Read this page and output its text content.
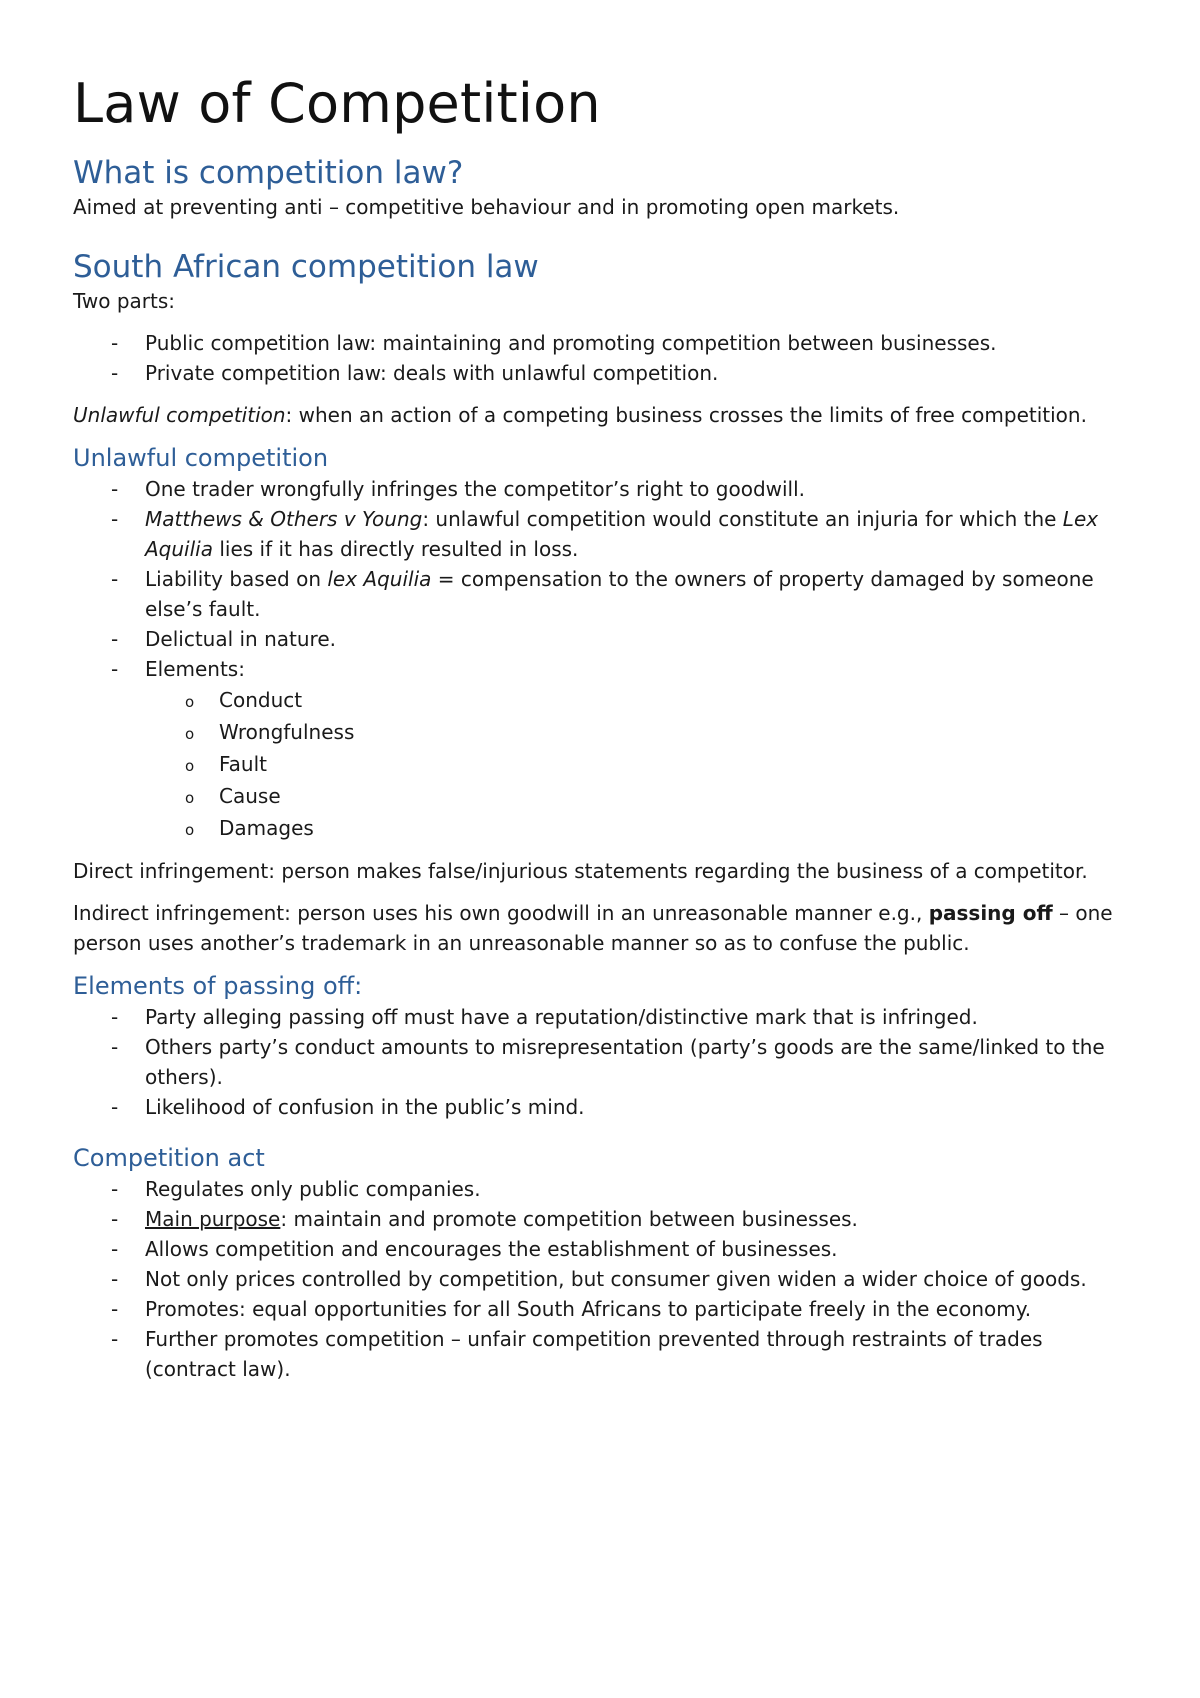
Law of Competition
What is competition law?

Aimed at preventing anti – competitive behaviour and in promoting open markets.

South African competition law

Two parts:

- Public competition law: maintaining and promoting competition between businesses.
- Private competition law: deals with unlawful competition.

Unlawful competition: when an action of a competing business crosses the limits of free competition.

Unlawful competition
- One trader wrongfully infringes the competitor’s right to goodwill.
- Matthews & Others v Young: unlawful competition would constitute an injuria for which the Lex Aquilia lies if it has directly resulted in loss.
- Liability based on lex Aquilia = compensation to the owners of property damaged by someone else’s fault.
- Delictual in nature.
- Elements:
o Conduct
o Wrongfulness
o Fault
o Cause
o Damages

Direct infringement: person makes false/injurious statements regarding the business of a competitor.

Indirect infringement: person uses his own goodwill in an unreasonable manner e.g., passing off – one person uses another’s trademark in an unreasonable manner so as to confuse the public.

Elements of passing off:
- Party alleging passing off must have a reputation/distinctive mark that is infringed.
- Others party’s conduct amounts to misrepresentation (party’s goods are the same/linked to the others).
- Likelihood of confusion in the public’s mind.
Competition act
- Regulates only public companies.
- Main purpose: maintain and promote competition between businesses.
- Allows competition and encourages the establishment of businesses.
- Not only prices controlled by competition, but consumer given widen a wider choice of goods.
- Promotes: equal opportunities for all South Africans to participate freely in the economy.
- Further promotes competition – unfair competition prevented through restraints of trades (contract law).
